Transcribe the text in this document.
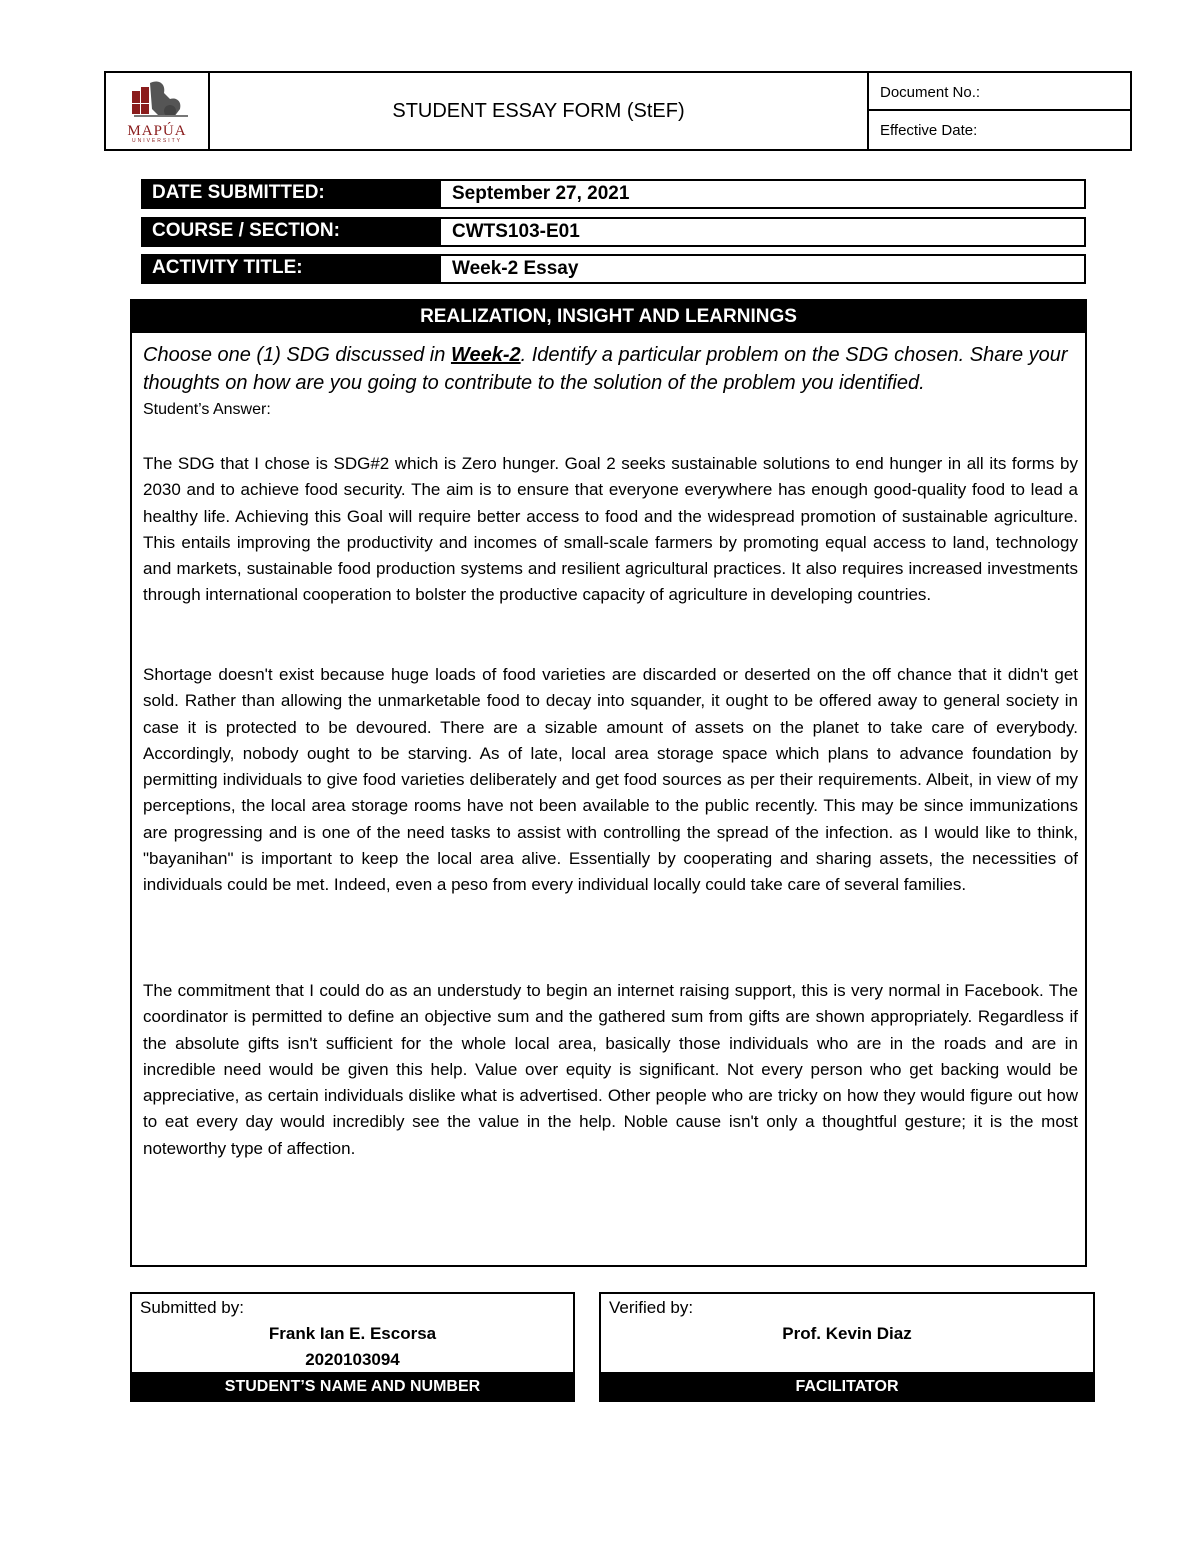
MAPÚA
UNIVERSITY
STUDENT ESSAY FORM (StEF)
Document No.:
Effective Date:
DATE SUBMITTED:	September 27, 2021
COURSE / SECTION:	CWTS103-E01
ACTIVITY TITLE:	Week-2 Essay
REALIZATION, INSIGHT AND LEARNINGS
Choose one (1) SDG discussed in Week-2. Identify a particular problem on the SDG chosen. Share your thoughts on how are you going to contribute to the solution of the problem you identified.
Student’s Answer:
The SDG that I chose is SDG#2 which is Zero hunger. Goal 2 seeks sustainable solutions to end hunger in all its forms by 2030 and to achieve food security. The aim is to ensure that everyone everywhere has enough good-quality food to lead a healthy life. Achieving this Goal will require better access to food and the widespread promotion of sustainable agriculture. This entails improving the productivity and incomes of small-scale farmers by promoting equal access to land, technology and markets, sustainable food production systems and resilient agricultural practices. It also requires increased investments through international cooperation to bolster the productive capacity of agriculture in developing countries.
Shortage doesn't exist because huge loads of food varieties are discarded or deserted on the off chance that it didn't get sold. Rather than allowing the unmarketable food to decay into squander, it ought to be offered away to general society in case it is protected to be devoured. There are a sizable amount of assets on the planet to take care of everybody. Accordingly, nobody ought to be starving. As of late, local area storage space which plans to advance foundation by permitting individuals to give food varieties deliberately and get food sources as per their requirements. Albeit, in view of my perceptions, the local area storage rooms have not been available to the public recently. This may be since immunizations are progressing and is one of the need tasks to assist with controlling the spread of the infection. as I would like to think, "bayanihan" is important to keep the local area alive. Essentially by cooperating and sharing assets, the necessities of individuals could be met. Indeed, even a peso from every individual locally could take care of several families.
The commitment that I could do as an understudy to begin an internet raising support, this is very normal in Facebook. The coordinator is permitted to define an objective sum and the gathered sum from gifts are shown appropriately. Regardless if the absolute gifts isn't sufficient for the whole local area, basically those individuals who are in the roads and are in incredible need would be given this help. Value over equity is significant. Not every person who get backing would be appreciative, as certain individuals dislike what is advertised. Other people who are tricky on how they would figure out how to eat every day would incredibly see the value in the help. Noble cause isn't only a thoughtful gesture; it is the most noteworthy type of affection.
Submitted by:
Frank Ian E. Escorsa
2020103094
STUDENT’S NAME AND NUMBER
Verified by:
Prof. Kevin Diaz
FACILITATOR
